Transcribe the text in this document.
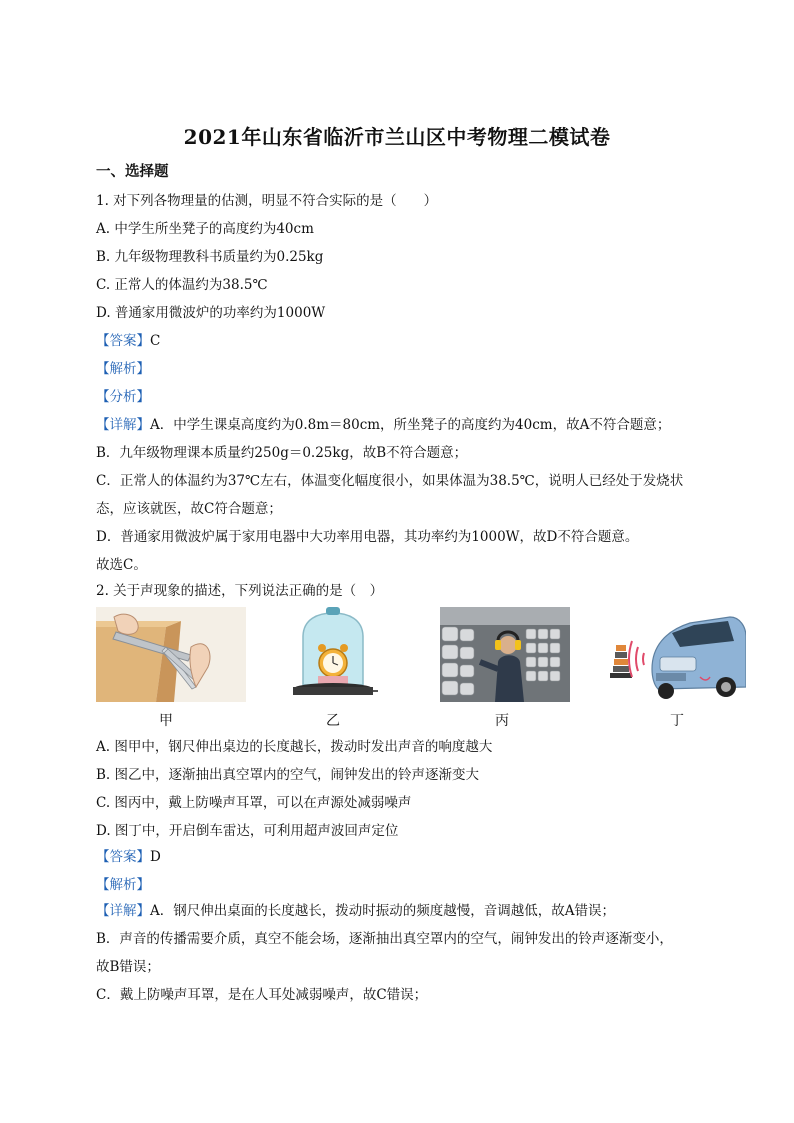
2021年山东省临沂市兰山区中考物理二模试卷
一、选择题
1. 对下列各物理量的估测，明显不符合实际的是（　　）
A. 中学生所坐凳子的高度约为40cm
B. 九年级物理教科书质量约为0.25kg
C. 正常人的体温约为38.5℃
D. 普通家用微波炉的功率约为1000W
【答案】C
【解析】
【分析】
【详解】A．中学生课桌高度约为0.8m＝80cm，所坐凳子的高度约为40cm，故A不符合题意；
B．九年级物理课本质量约250g＝0.25kg，故B不符合题意；
C．正常人的体温约为37℃左右，体温变化幅度很小，如果体温为38.5℃，说明人已经处于发烧状
态，应该就医，故C符合题意；
D．普通家用微波炉属于家用电器中大功率用电器，其功率约为1000W，故D不符合题意。
故选C。
2. 关于声现象的描述，下列说法正确的是（　）
甲	乙	丙	丁
A. 图甲中，钢尺伸出桌边的长度越长，拨动时发出声音的响度越大
B. 图乙中，逐渐抽出真空罩内的空气，闹钟发出的铃声逐渐变大
C. 图丙中，戴上防噪声耳罩，可以在声源处减弱噪声
D. 图丁中，开启倒车雷达，可利用超声波回声定位
【答案】D
【解析】
【详解】A．钢尺伸出桌面的长度越长，拨动时振动的频度越慢，音调越低，故A错误；
B．声音的传播需要介质，真空不能会场，逐渐抽出真空罩内的空气，闹钟发出的铃声逐渐变小，
故B错误；
C．戴上防噪声耳罩，是在人耳处减弱噪声，故C错误；
